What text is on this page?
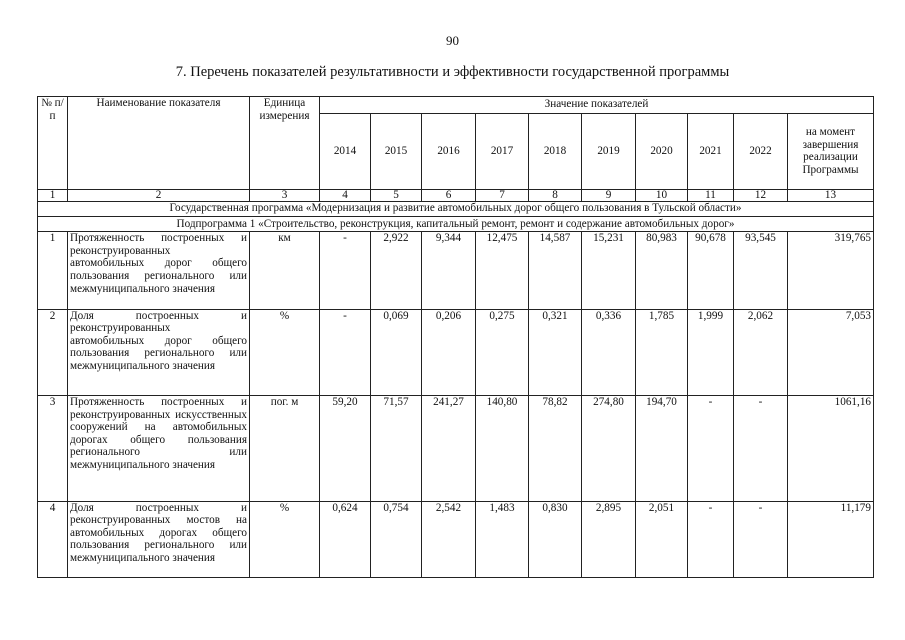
90
7. Перечень показателей результативности и эффективности государственной программы
№ п/п	Наименование показателя	Единица измерения	Значение показателей									
			2014	2015	2016	2017	2018	2019	2020	2021	2022	на момент завершения реализации Программы
1	2	3	4	5	6	7	8	9	10	11	12	13
Государственная программа «Модернизация и развитие автомобильных дорог общего пользования в Тульской области»												
Подпрограмма 1 «Строительство, реконструкция, капитальный ремонт, ремонт и содержание автомобильных дорог»												
1	Протяженность построенных и реконструированных автомобильных дорог общего пользования регионального или межмуниципального значения	км	-	2,922	9,344	12,475	14,587	15,231	80,983	90,678	93,545	319,765
2	Доля построенных и реконструированных автомобильных дорог общего пользования регионального или межмуниципального значения	%	-	0,069	0,206	0,275	0,321	0,336	1,785	1,999	2,062	7,053
3	Протяженность построенных и реконструированных искусственных сооружений на автомобильных дорогах общего пользования регионального или межмуниципального значения	пог. м	59,20	71,57	241,27	140,80	78,82	274,80	194,70	-	-	1061,16
4	Доля построенных и реконструированных мостов на автомобильных дорогах общего пользования регионального или межмуниципального значения	%	0,624	0,754	2,542	1,483	0,830	2,895	2,051	-	-	11,179
